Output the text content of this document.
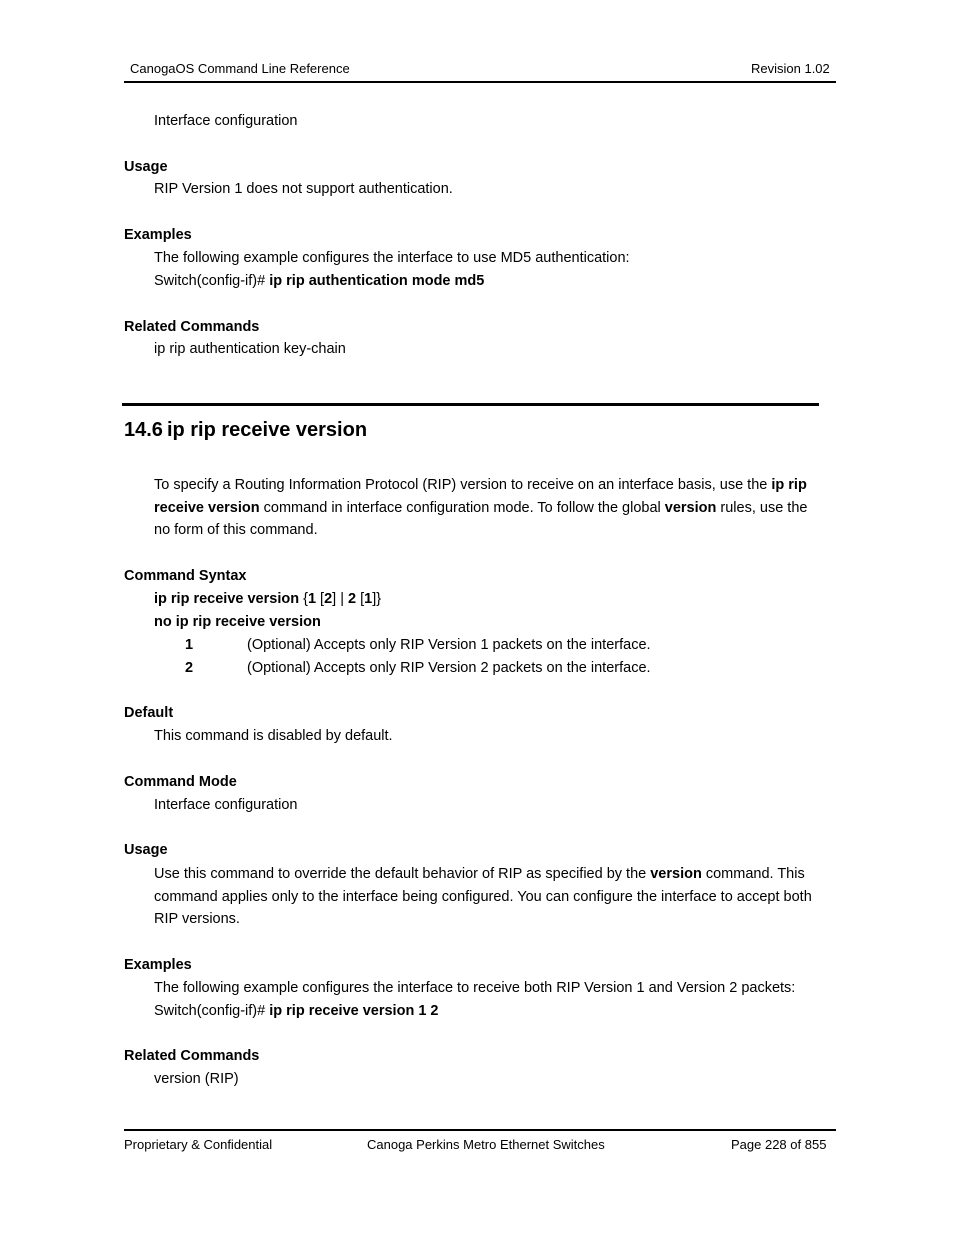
CanogaOS Command Line Reference	Revision 1.02
Interface configuration
Usage
RIP Version 1 does not support authentication.
Examples
The following example configures the interface to use MD5 authentication:
Switch(config-if)# ip rip authentication mode md5
Related Commands
ip rip authentication key-chain
14.6 ip rip receive version
To specify a Routing Information Protocol (RIP) version to receive on an interface basis, use the ip rip receive version command in interface configuration mode. To follow the global version rules, use the no form of this command.
Command Syntax
ip rip receive version {1 [2] | 2 [1]}
no ip rip receive version
1	(Optional) Accepts only RIP Version 1 packets on the interface.
2	(Optional) Accepts only RIP Version 2 packets on the interface.
Default
This command is disabled by default.
Command Mode
Interface configuration
Usage
Use this command to override the default behavior of RIP as specified by the version command. This command applies only to the interface being configured. You can configure the interface to accept both RIP versions.
Examples
The following example configures the interface to receive both RIP Version 1 and Version 2 packets:
Switch(config-if)# ip rip receive version 1 2
Related Commands
version (RIP)
Proprietary & Confidential	Canoga Perkins Metro Ethernet Switches	Page 228 of 855
